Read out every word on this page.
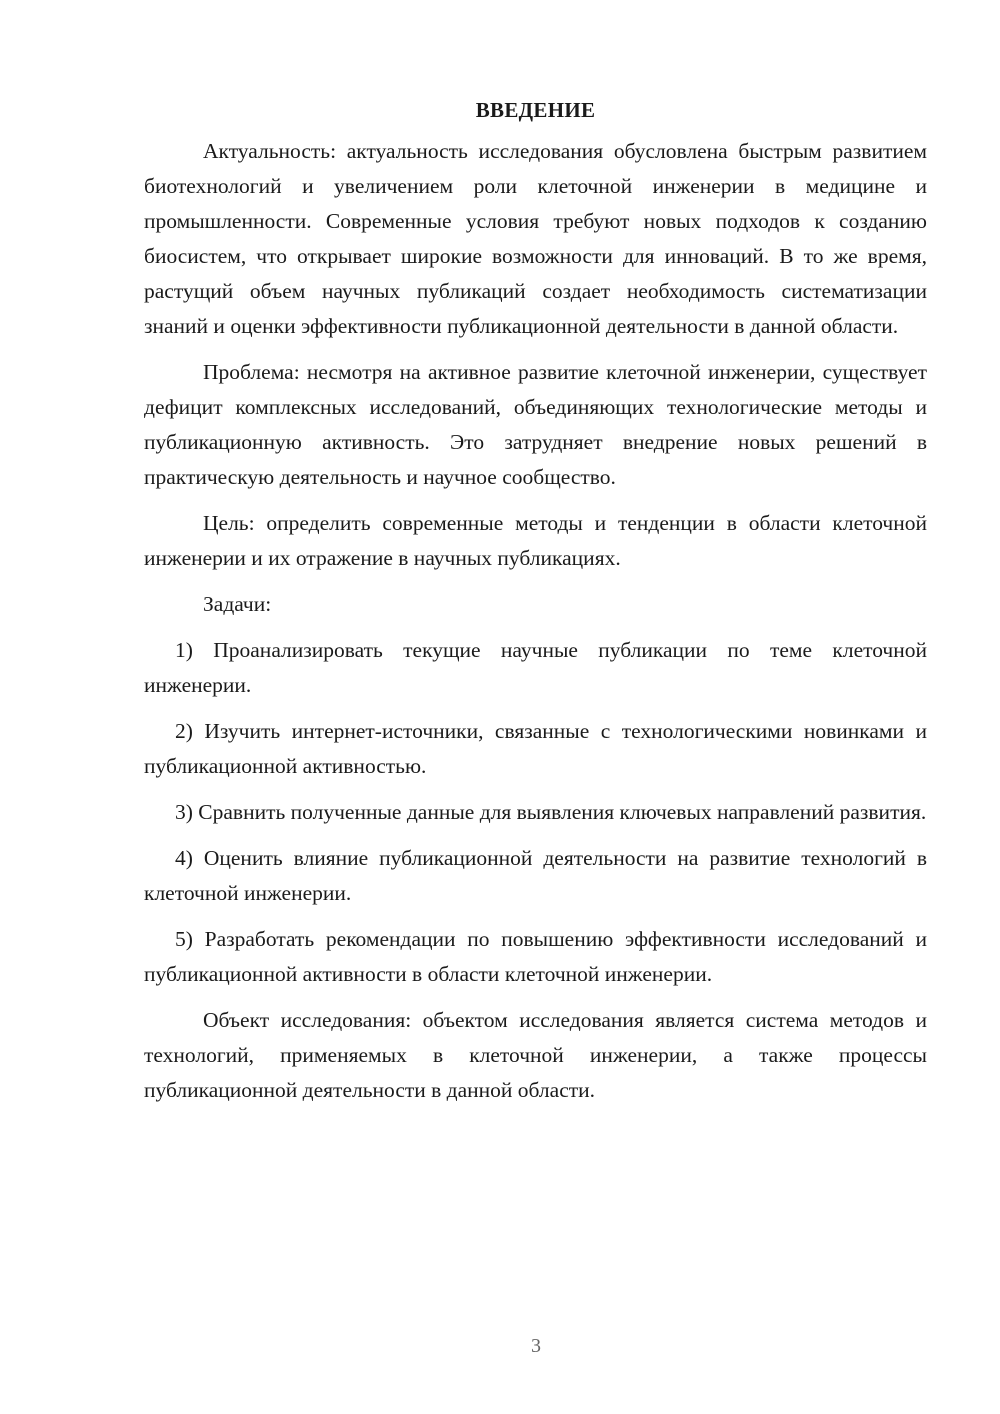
ВВЕДЕНИЕ

Актуальность: актуальность исследования обусловлена быстрым развитием биотехнологий и увеличением роли клеточной инженерии в медицине и промышленности. Современные условия требуют новых подходов к созданию биосистем, что открывает широкие возможности для инноваций. В то же время, растущий объем научных публикаций создает необходимость систематизации знаний и оценки эффективности публикационной деятельности в данной области.

Проблема: несмотря на активное развитие клеточной инженерии, существует дефицит комплексных исследований, объединяющих технологические методы и публикационную активность. Это затрудняет внедрение новых решений в практическую деятельность и научное сообщество.

Цель: определить современные методы и тенденции в области клеточной инженерии и их отражение в научных публикациях.

Задачи:

1) Проанализировать текущие научные публикации по теме клеточной инженерии.

2) Изучить интернет-источники, связанные с технологическими новинками и публикационной активностью.

3) Сравнить полученные данные для выявления ключевых направлений развития.

4) Оценить влияние публикационной деятельности на развитие технологий в клеточной инженерии.

5) Разработать рекомендации по повышению эффективности исследований и публикационной активности в области клеточной инженерии.

Объект исследования: объектом исследования является система методов и технологий, применяемых в клеточной инженерии, а также процессы публикационной деятельности в данной области.

3
